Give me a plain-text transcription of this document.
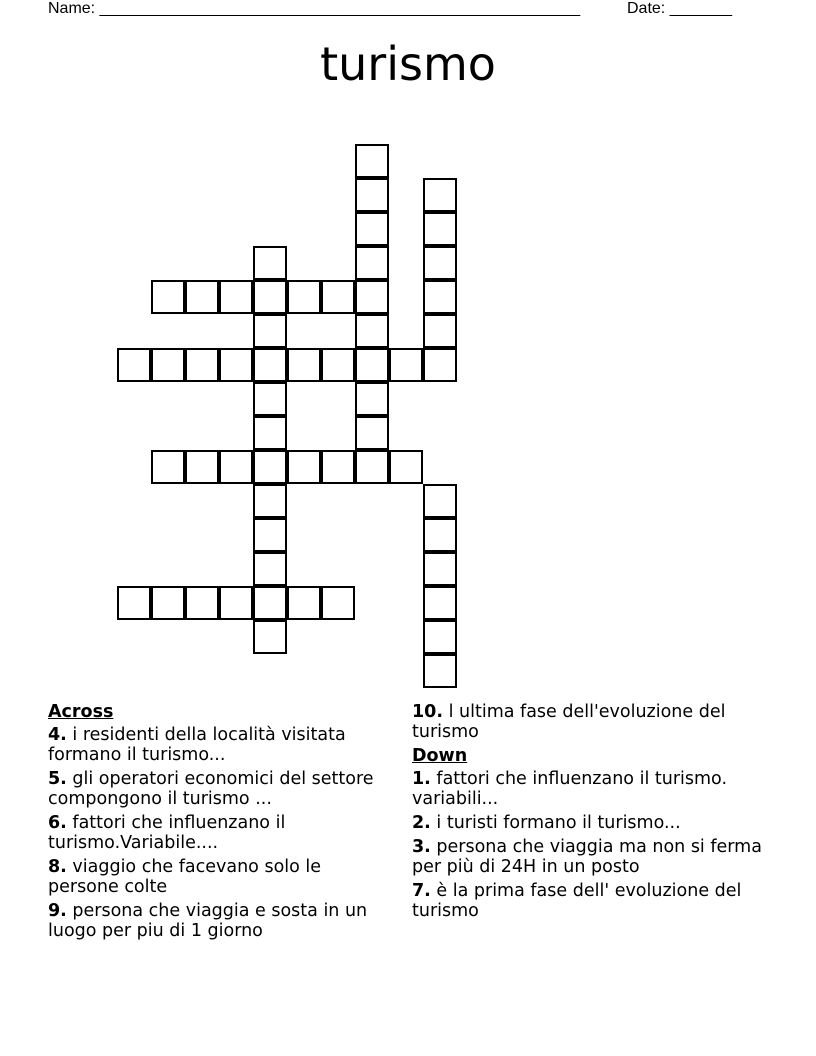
Name: ______________________________________________________	Date: _______
turismo
Across
4. i residenti della località visitata formano il turismo...
5. gli operatori economici del settore compongono il turismo ...
6. fattori che influenzano il turismo.Variabile....
8. viaggio che facevano solo le persone colte
9. persona che viaggia e sosta in un luogo per piu di 1 giorno
10. l ultima fase dell'evoluzione del turismo
Down
1. fattori che influenzano il turismo. variabili...
2. i turisti formano il turismo...
3. persona che viaggia ma non si ferma per più di 24H in un posto
7. è la prima fase dell' evoluzione del turismo
